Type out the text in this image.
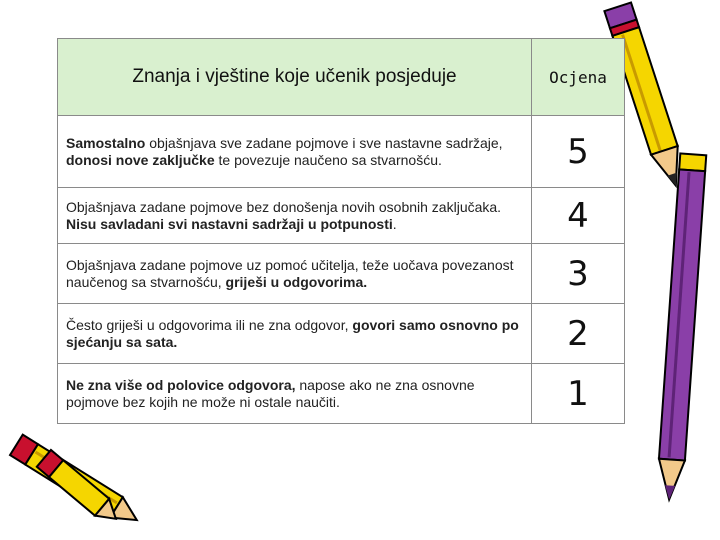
Znanja i vještine koje učenik posjeduje	Ocjena
Samostalno objašnjava sve zadane pojmove i sve nastavne sadržaje, donosi nove zaključke te povezuje naučeno sa stvarnošću.	5
Objašnjava zadane pojmove bez donošenja novih osobnih zaključaka. Nisu savladani svi nastavni sadržaji u potpunosti.	4
Objašnjava zadane pojmove uz pomoć učitelja, teže uočava povezanost naučenog sa stvarnošću, griješi u odgovorima.	3
Često griješi u odgovorima ili ne zna odgovor, govori samo osnovno po sjećanju sa sata.	2
Ne zna više od polovice odgovora, napose ako ne zna osnovne pojmove bez kojih ne može ni ostale naučiti.	1
